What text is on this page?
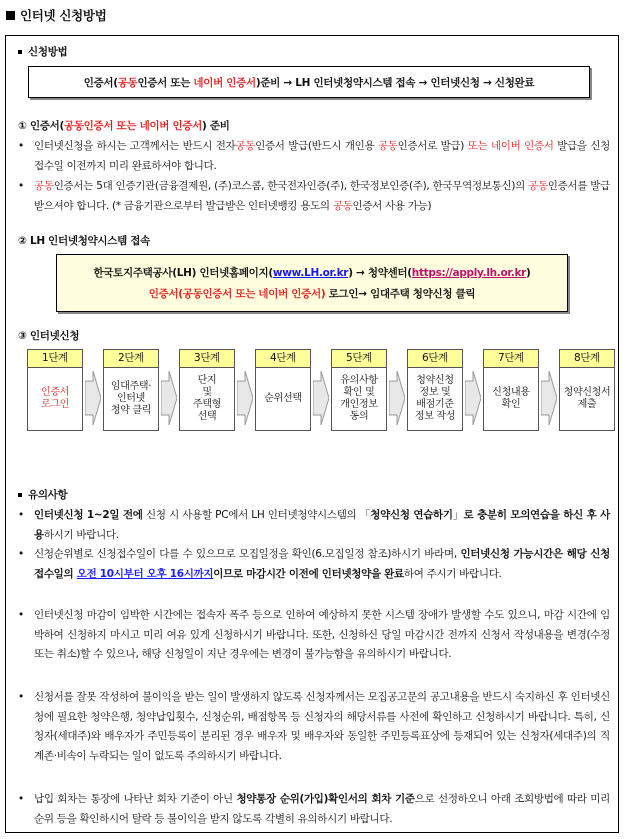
인터넷 신청방법
신청방법
인증서(공동인증서 또는 네이버 인증서)준비 → LH 인터넷청약시스템 접속 → 인터넷신청 → 신청완료
① 인증서(공동인증서 또는 네이버 인증서) 준비
• 인터넷신청을 하시는 고객께서는 반드시 전자공동인증서 발급(반드시 개인용 공동인증서로 발급) 또는 네이버 인증서 발급을 신청접수일 이전까지 미리 완료하셔야 합니다.
• 공동인증서는 5대 인증기관(금융결제원, (주)코스콤, 한국전자인증(주), 한국정보인증(주), 한국무역정보통신)의 공동인증서를 발급받으셔야 합니다. (* 금융기관으로부터 발급받은 인터넷뱅킹 용도의 공동인증서 사용 가능)
② LH 인터넷청약시스템 접속
한국토지주택공사(LH) 인터넷홈페이지(www.LH.or.kr) → 청약센터(https://apply.lh.or.kr)
인증서(공동인증서 또는 네이버 인증서) 로그인→ 임대주택 청약신청 클릭
③ 인터넷신청
1단계
인증서
로그인
2단계
임대주택·
인터넷
청약 클릭
3단계
단지
및
주택형
선택
4단계
순위선택
5단계
유의사항
확인 및
개인정보
동의
6단계
청약신청
정보 및
배점기준
정보 작성
7단계
신청내용
확인
8단계
청약신청서
제출
유의사항
• 인터넷신청 1~2일 전에 신청 시 사용할 PC에서 LH 인터넷청약시스템의 「청약신청 연습하기」로 충분히 모의연습을 하신 후 사용하시기 바랍니다.
• 신청순위별로 신청접수일이 다를 수 있으므로 모집일정을 확인(6.모집일정 참조)하시기 바라며, 인터넷신청 가능시간은 해당 신청접수일의 오전 10시부터 오후 16시까지이므로 마감시간 이전에 인터넷청약을 완료하여 주시기 바랍니다.
• 인터넷신청 마감이 임박한 시간에는 접속자 폭주 등으로 인하여 예상하지 못한 시스템 장애가 발생할 수도 있으니, 마감 시간에 임박하여 신청하지 마시고 미리 여유 있게 신청하시기 바랍니다. 또한, 신청하신 당일 마감시간 전까지 신청서 작성내용을 변경(수정 또는 취소)할 수 있으나, 해당 신청일이 지난 경우에는 변경이 불가능함을 유의하시기 바랍니다.
• 신청서를 잘못 작성하여 불이익을 받는 일이 발생하지 않도록 신청자께서는 모집공고문의 공고내용을 반드시 숙지하신 후 인터넷신청에 필요한 청약은행, 청약납입횟수, 신청순위, 배점항목 등 신청자의 해당서류를 사전에 확인하고 신청하시기 바랍니다. 특히, 신청자(세대주)와 배우자가 주민등록이 분리된 경우 배우자 및 배우자와 동일한 주민등록표상에 등재되어 있는 신청자(세대주)의 직계존·비속이 누락되는 일이 없도록 주의하시기 바랍니다.
• 납입 회차는 통장에 나타난 회차 기준이 아닌 청약통장 순위(가입)확인서의 회차 기준으로 선정하오니 아래 조회방법에 따라 미리 순위 등을 확인하시어 탈락 등 불이익을 받지 않도록 각별히 유의하시기 바랍니다.
